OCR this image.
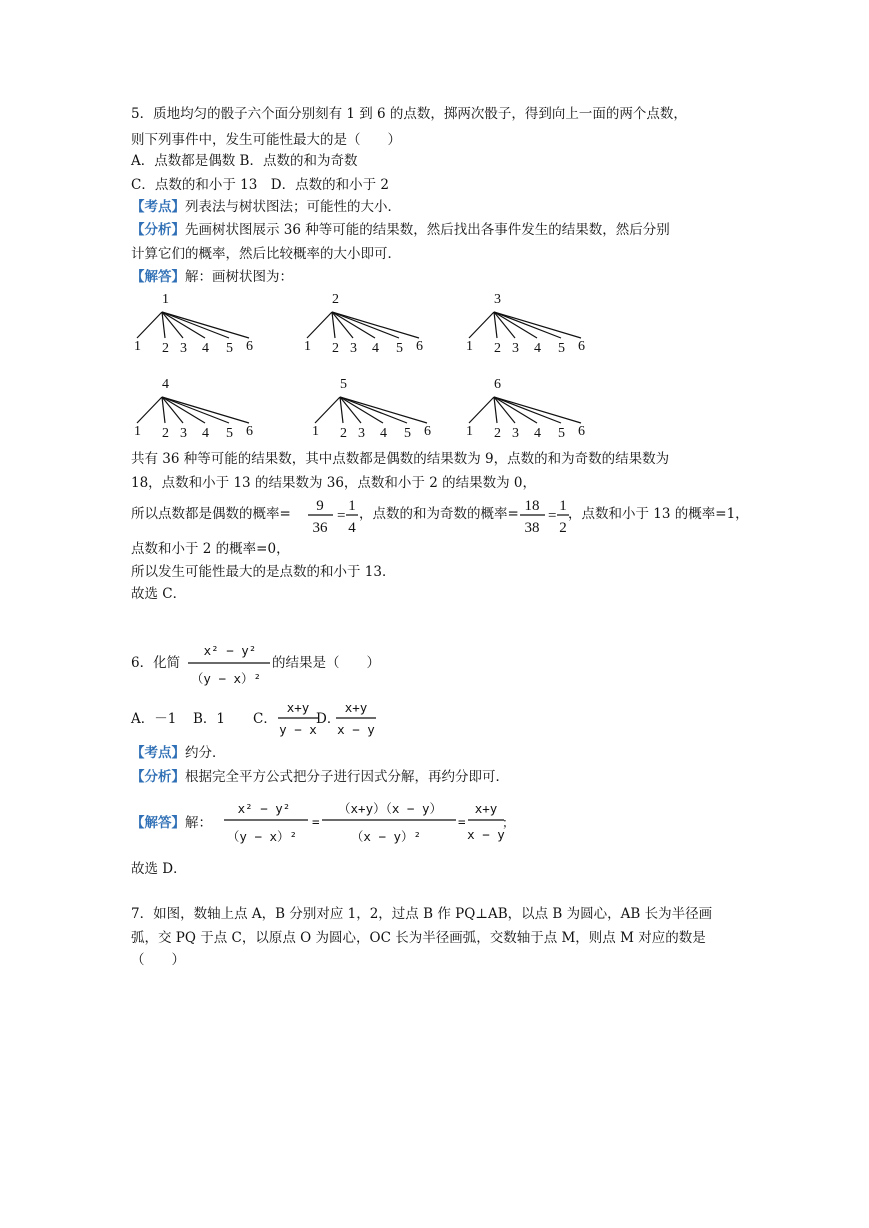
5．质地均匀的骰子六个面分别刻有 1 到 6 的点数，掷两次骰子，得到向上一面的两个点数，
则下列事件中，发生可能性最大的是（　　）
A．点数都是偶数 B．点数的和为奇数
C．点数的和小于 13　D．点数的和小于 2
【考点】列表法与树状图法；可能性的大小．
【分析】先画树状图展示 36 种等可能的结果数，然后找出各事件发生的结果数，然后分别
计算它们的概率，然后比较概率的大小即可．
【解答】解：画树状图为：
1
1 2 3 4 5 6
2
1 2 3 4 5 6
3
1 2 3 4 5 6
4
1 2 3 4 5 6
5
1 2 3 4 5 6
6
1 2 3 4 5 6
共有 36 种等可能的结果数，其中点数都是偶数的结果数为 9，点数的和为奇数的结果数为
18，点数和小于 13 的结果数为 36，点数和小于 2 的结果数为 0，
所以点数都是偶数的概率= 9
36
=
1
4
，点数的和为奇数的概率= 18
38
=
1
2
，点数和小于 13 的概率=1，
点数和小于 2 的概率=0，
所以发生可能性最大的是点数的和小于 13．
故选 C．
6．化简
x² − y²
（y − x）²
的结果是（　　）
A．－1 B．1 C．
x+y
y − x
D．
x+y
x − y
【考点】约分．
【分析】根据完全平方公式把分子进行因式分解，再约分即可．
【解答】解：
x² − y²
（y − x）²
=
（x+y）（x − y）
（x − y）²
=
x+y
x − y
；
故选 D．
7．如图，数轴上点 A，B 分别对应 1，2，过点 B 作 PQ⊥AB，以点 B 为圆心，AB 长为半径画
弧，交 PQ 于点 C，以原点 O 为圆心，OC 长为半径画弧，交数轴于点 M，则点 M 对应的数是
（　　）
